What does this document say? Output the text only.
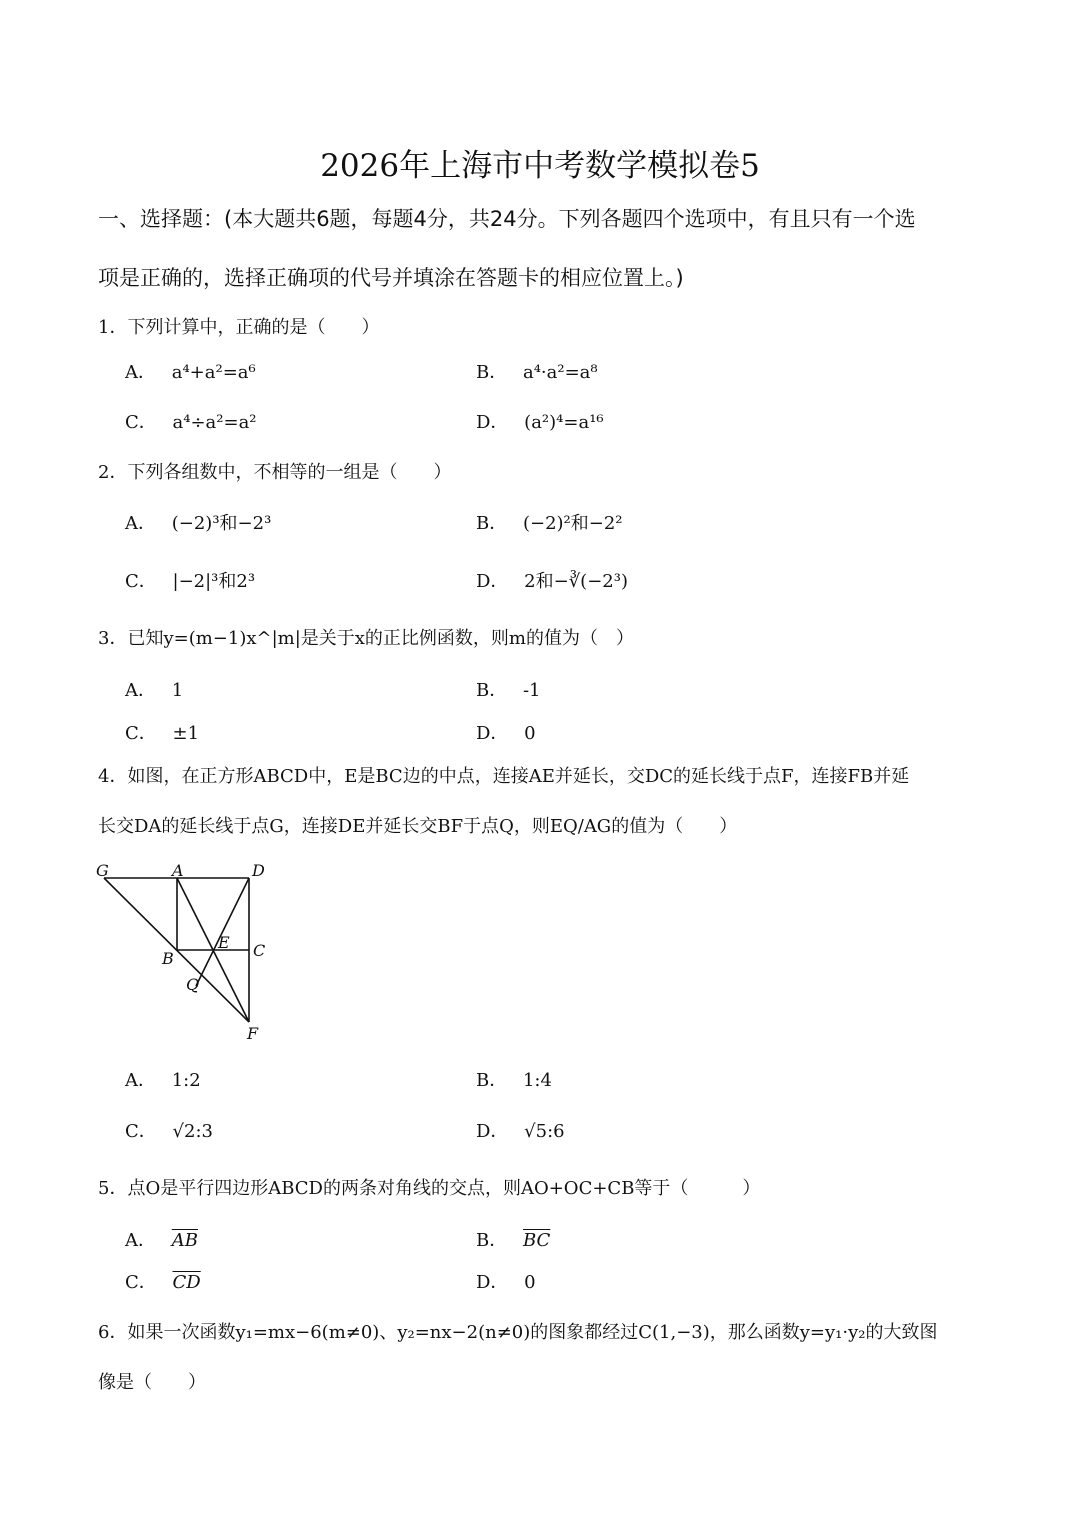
2026年上海市中考数学模拟卷5
一、选择题：(本大题共6题，每题4分，共24分。下列各题四个选项中，有且只有一个选
项是正确的，选择正确项的代号并填涂在答题卡的相应位置上。)
1．下列计算中，正确的是（　　）
A． a⁴+a²=a⁶	B． a⁴·a²=a⁸
C． a⁴÷a²=a²	D． (a²)⁴=a¹⁶
2．下列各组数中，不相等的一组是（　　）
A． (−2)³和−2³	B． (−2)²和−2²
C． |−2|³和2³	D． 2和−∛(−2³)
3．已知y=(m−1)x^|m|是关于x的正比例函数，则m的值为（　）
A． 1	B． -1
C． ±1	D． 0
4．如图，在正方形ABCD中，E是BC边的中点，连接AE并延长，交DC的延长线于点F，连接FB并延
长交DA的延长线于点G，连接DE并延长交BF于点Q，则EQ/AG的值为（　　）
G	A	D
E C
B
Q
F
A． 1:2	B． 1:4
C． √2:3	D． √5:6
5．点O是平行四边形ABCD的两条对角线的交点，则AO+OC+CB等于（　　　）
A． $\overline{AB}$	B． $\overline{BC}$
C． $\overline{CD}$	D． 0
6．如果一次函数y₁=mx−6(m≠0)、y₂=nx−2(n≠0)的图象都经过C(1,−3)，那么函数y=y₁·y₂的大致图
像是（　　）
